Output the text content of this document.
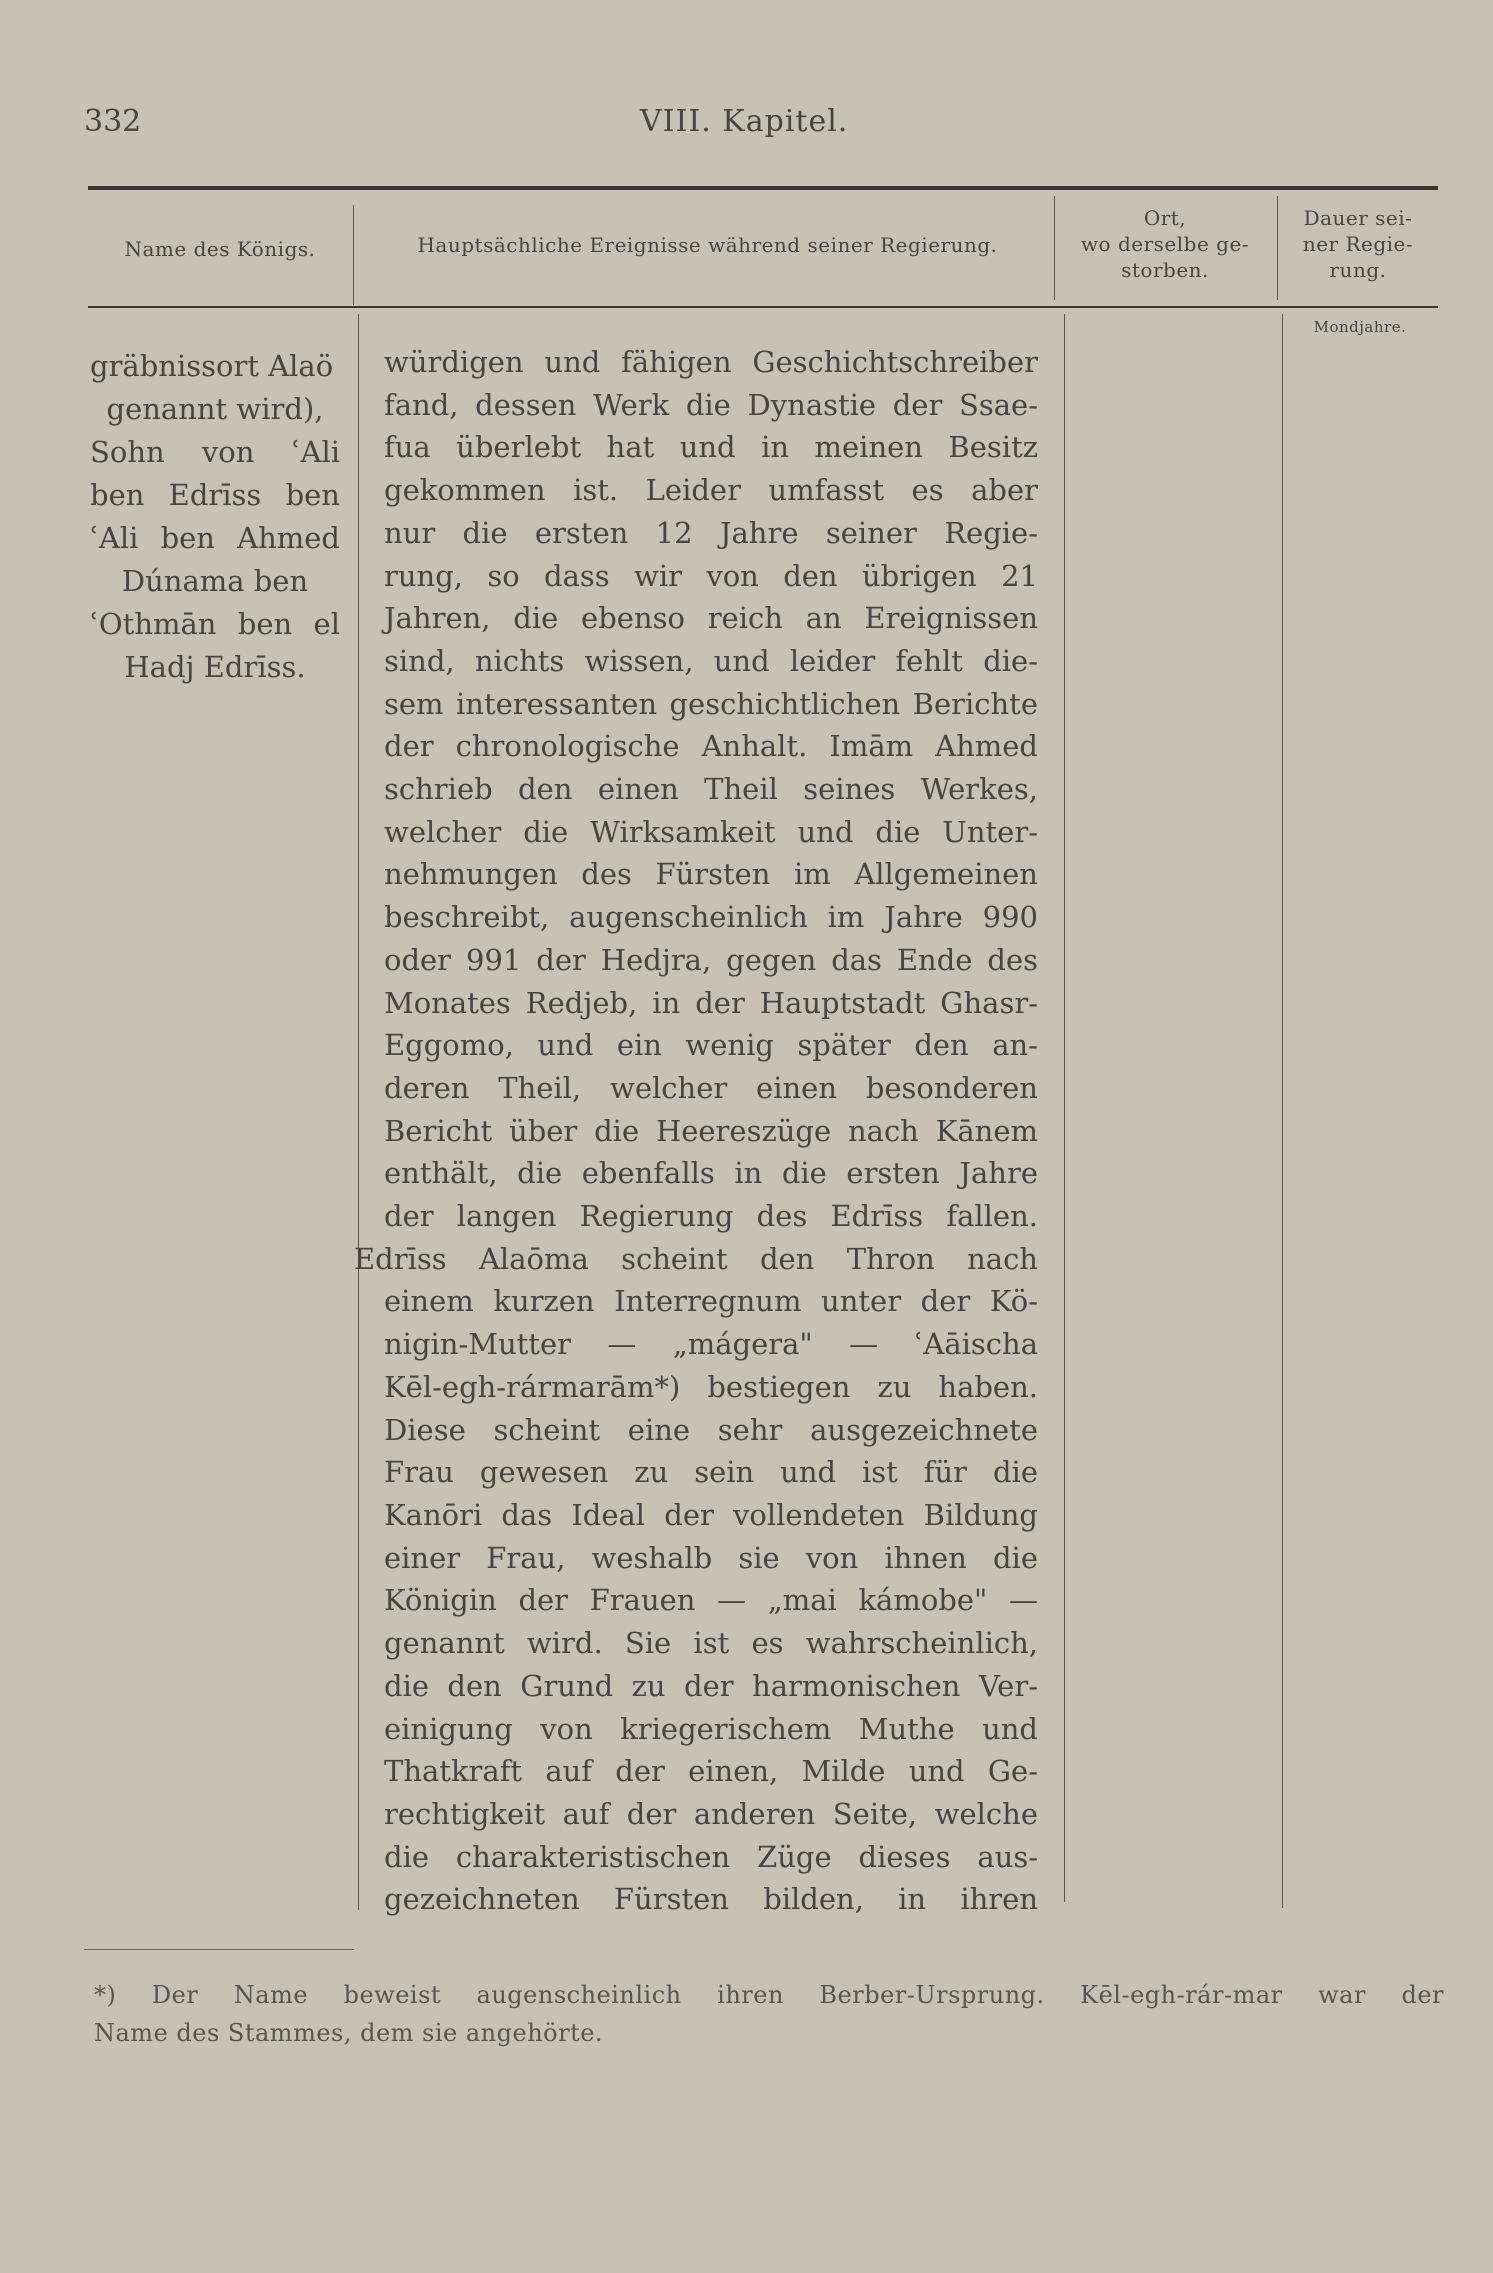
332	VIII. Kapitel.
Name des Königs.	Hauptsächliche Ereignisse während seiner Regierung.
Ort,
wo derselbe ge-
storben.
Dauer sei-
ner Regie-
rung.
Mondjahre.
gräbnissort Alaö
genannt wird),
Sohn von ʿAli
ben Edrīss ben
ʿAli ben Ahmed
Dúnama ben
ʿOthmān ben el
Hadj Edrīss.
würdigen und fähigen Geschichtschreiber
fand, dessen Werk die Dynastie der Ssae-
fua überlebt hat und in meinen Besitz
gekommen ist. Leider umfasst es aber
nur die ersten 12 Jahre seiner Regie-
rung, so dass wir von den übrigen 21
Jahren, die ebenso reich an Ereignissen
sind, nichts wissen, und leider fehlt die-
sem interessanten geschichtlichen Berichte
der chronologische Anhalt. Imām Ahmed
schrieb den einen Theil seines Werkes,
welcher die Wirksamkeit und die Unter-
nehmungen des Fürsten im Allgemeinen
beschreibt, augenscheinlich im Jahre 990
oder 991 der Hedjra, gegen das Ende des
Monates Redjeb, in der Hauptstadt Ghasr-
Eggomo, und ein wenig später den an-
deren Theil, welcher einen besonderen
Bericht über die Heereszüge nach Kānem
enthält, die ebenfalls in die ersten Jahre
der langen Regierung des Edrīss fallen.
Edrīss Alaōma scheint den Thron nach
einem kurzen Interregnum unter der Kö-
nigin-Mutter — „mágera" — ʿAāischa
Kēl-egh-rármarām*) bestiegen zu haben.
Diese scheint eine sehr ausgezeichnete
Frau gewesen zu sein und ist für die
Kanōri das Ideal der vollendeten Bildung
einer Frau, weshalb sie von ihnen die
Königin der Frauen — „mai kámobe" —
genannt wird. Sie ist es wahrscheinlich,
die den Grund zu der harmonischen Ver-
einigung von kriegerischem Muthe und
Thatkraft auf der einen, Milde und Ge-
rechtigkeit auf der anderen Seite, welche
die charakteristischen Züge dieses aus-
gezeichneten Fürsten bilden, in ihren
*) Der Name beweist augenscheinlich ihren Berber-Ursprung. Kēl-egh-rár-mar war der
Name des Stammes, dem sie angehörte.
